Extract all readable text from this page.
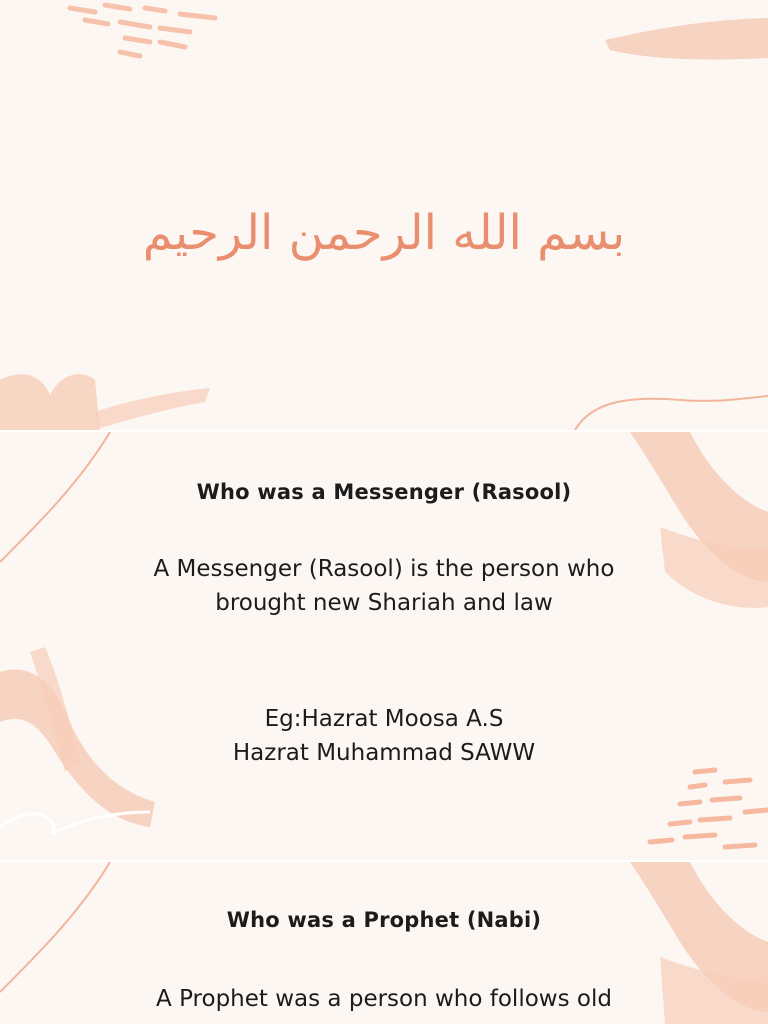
بسم الله الرحمن الرحيم
Who was a Messenger (Rasool)
A Messenger (Rasool) is the person who
brought new Shariah and law
Eg:Hazrat Moosa A.S
Hazrat Muhammad SAWW
Who was a Prophet (Nabi)
A Prophet was a person who follows old
